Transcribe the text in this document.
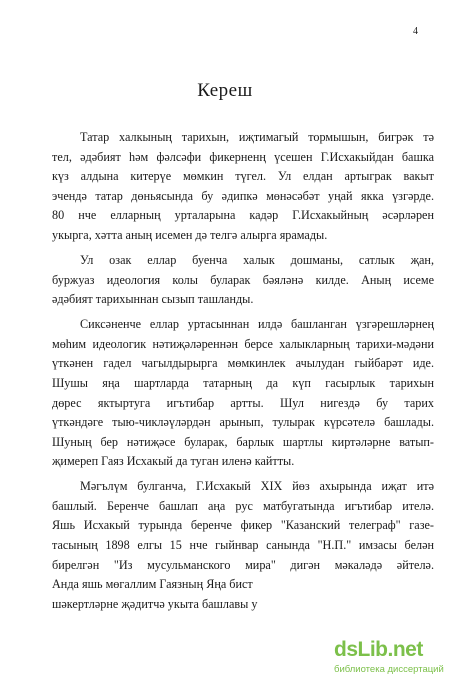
4
Кереш
Татар халкының тарихын, иҗтимагый тормышын, бигрәк тә
тел, әдәбият һәм фәлсәфи фикерненң үсешен Г.Исхакыйдан башка
күз алдына китерүе мөмкин түгел. Ул елдан артыграк вакыт
эчендә татар дөньясында бу әдипкә мөнәсәбәт уңай якка үзгәрде.
80 нче елларның урталарына кадәр Г.Исхакыйның әсәрләрен
укырга, хәтта аның исемен дә телгә алырга ярамады.
Ул озак еллар буенча халык дошманы, сатлык җан,
буржуаз идеология колы буларак бәяләнә килде. Аның исеме
әдәбият тарихыннан сызып ташланды.
Сиксәненче еллар уртасыннан илдә башланган үзгәрешләрнең
мөһим идеологик нәтиҗәләреннән берсе халыкларның тарихи-мәдәни
үткәнен гадел чагылдырырга мөмкинлек ачылудан гыйбарәт иде.
Шушы яңа шартларда татарның да күп гасырлык тарихын
дөрес яктыртуга игътибар артты. Шул нигездә бу тарих
үткәндәге тыю-чикләүләрдән арынып, тулырак күрсәтелә башлады.
Шуның бер нәтиҗәсе буларак, барлык шартлы киртәләрне ватып-
җимереп Гаяз Исхакый да туган иленә кайтты.
Мәгълүм булганча, Г.Исхакый XIX йөз ахырында иҗат итә
башлый. Беренче башлап аңа рус матбугатында игътибар ителә.
Яшь Исхакый турында беренче фикер "Казанский телеграф" газе-
тасының 1898 елгы 15 нче гыйнвар санында "Н.П." имзасы белән
бирелгән "Из мусульманского мира" дигән мәкаләдә әйтелә.
Анда яшь мөгаллим Гаязның Яңа бист
шәкертләрне җәдитчә укыта башлавы у
dsLib.net
библиотека диссертаций
